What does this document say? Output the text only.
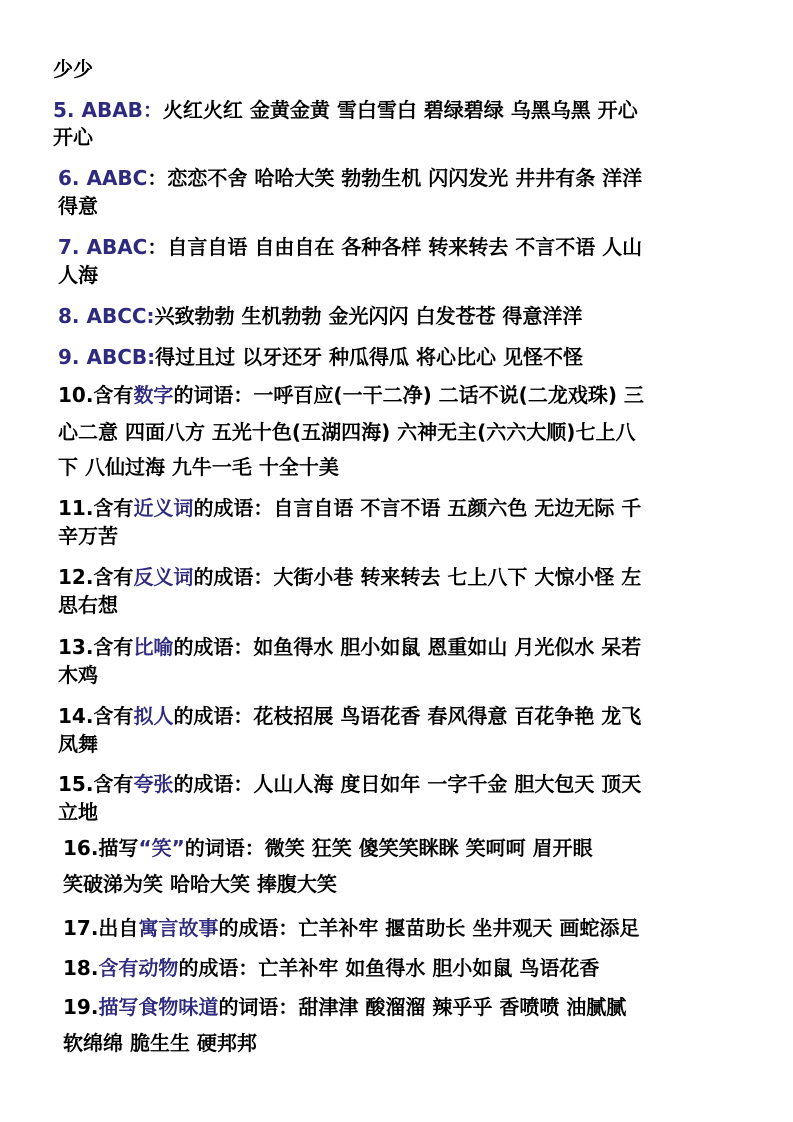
少少
5. ABAB：火红火红 金黄金黄 雪白雪白 碧绿碧绿 乌黑乌黑 开心
开心
6. AABC：恋恋不舍 哈哈大笑 勃勃生机 闪闪发光 井井有条 洋洋
得意
7. ABAC：自言自语 自由自在 各种各样 转来转去 不言不语 人山
人海
8. ABCC:兴致勃勃 生机勃勃 金光闪闪 白发苍苍 得意洋洋
9. ABCB:得过且过 以牙还牙 种瓜得瓜 将心比心 见怪不怪
10.含有数字的词语：一呼百应(一干二净) 二话不说(二龙戏珠) 三
心二意 四面八方 五光十色(五湖四海) 六神无主(六六大顺)七上八
下 八仙过海 九牛一毛 十全十美
11.含有近义词的成语：自言自语 不言不语 五颜六色 无边无际 千
辛万苦
12.含有反义词的成语：大街小巷 转来转去 七上八下 大惊小怪 左
思右想
13.含有比喻的成语：如鱼得水 胆小如鼠 恩重如山 月光似水 呆若
木鸡
14.含有拟人的成语：花枝招展 鸟语花香 春风得意 百花争艳 龙飞
凤舞
15.含有夸张的成语：人山人海 度日如年 一字千金 胆大包天 顶天
立地
16.描写“笑”的词语：微笑 狂笑 傻笑笑眯眯 笑呵呵 眉开眼
笑破涕为笑 哈哈大笑 捧腹大笑
17.出自寓言故事的成语：亡羊补牢 揠苗助长 坐井观天 画蛇添足
18.含有动物的成语：亡羊补牢 如鱼得水 胆小如鼠 鸟语花香
19.描写食物味道的词语：甜津津 酸溜溜 辣乎乎 香喷喷 油腻腻
软绵绵 脆生生 硬邦邦
